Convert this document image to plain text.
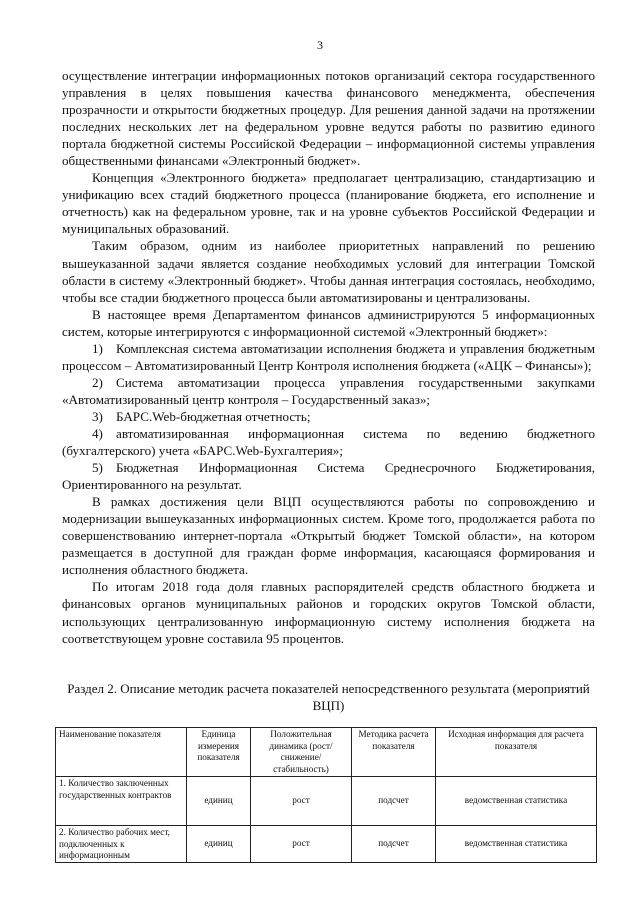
3

осуществление интеграции информационных потоков организаций сектора государственного управления в целях повышения качества финансового менеджмента, обеспечения прозрачности и открытости бюджетных процедур. Для решения данной задачи на протяжении последних нескольких лет на федеральном уровне ведутся работы по развитию единого портала бюджетной системы Российской Федерации – информационной системы управления общественными финансами «Электронный бюджет».

Концепция «Электронного бюджета» предполагает централизацию, стандартизацию и унификацию всех стадий бюджетного процесса (планирование бюджета, его исполнение и отчетность) как на федеральном уровне, так и на уровне субъектов Российской Федерации и муниципальных образований.

Таким образом, одним из наиболее приоритетных направлений по решению вышеуказанной задачи является создание необходимых условий для интеграции Томской области в систему «Электронный бюджет». Чтобы данная интеграция состоялась, необходимо, чтобы все стадии бюджетного процесса были автоматизированы и централизованы.

В настоящее время Департаментом финансов администрируются 5 информационных систем, которые интегрируются с информационной системой «Электронный бюджет»:

1) Комплексная система автоматизации исполнения бюджета и управления бюджетным процессом – Автоматизированный Центр Контроля исполнения бюджета («АЦК – Финансы»);

2) Система автоматизации процесса управления государственными закупками «Автоматизированный центр контроля – Государственный заказ»;

3) БАРС.Web-бюджетная отчетность;

4) автоматизированная информационная система по ведению бюджетного (бухгалтерского) учета «БАРС.Web-Бухгалтерия»;

5) Бюджетная Информационная Система Среднесрочного Бюджетирования, Ориентированного на результат.

В рамках достижения цели ВЦП осуществляются работы по сопровождению и модернизации вышеуказанных информационных систем. Кроме того, продолжается работа по совершенствованию интернет-портала «Открытый бюджет Томской области», на котором размещается в доступной для граждан форме информация, касающаяся формирования и исполнения областного бюджета.

По итогам 2018 года доля главных распорядителей средств областного бюджета и финансовых органов муниципальных районов и городских округов Томской области, использующих централизованную информационную систему исполнения бюджета на соответствующем уровне составила 95 процентов.

Раздел 2. Описание методик расчета показателей непосредственного результата (мероприятий ВЦП)
Наименование показателя	Единица измерения показателя	Положительная динамика (рост/снижение/стабильность)	Методика расчета показателя	Исходная информация для расчета показателя

1. Количество заключенных государственных контрактов	единиц	рост	подсчет	ведомственная статистика

2. Количество рабочих мест, подключенных к информационным	единиц	рост	подсчет	ведомственная статистика
